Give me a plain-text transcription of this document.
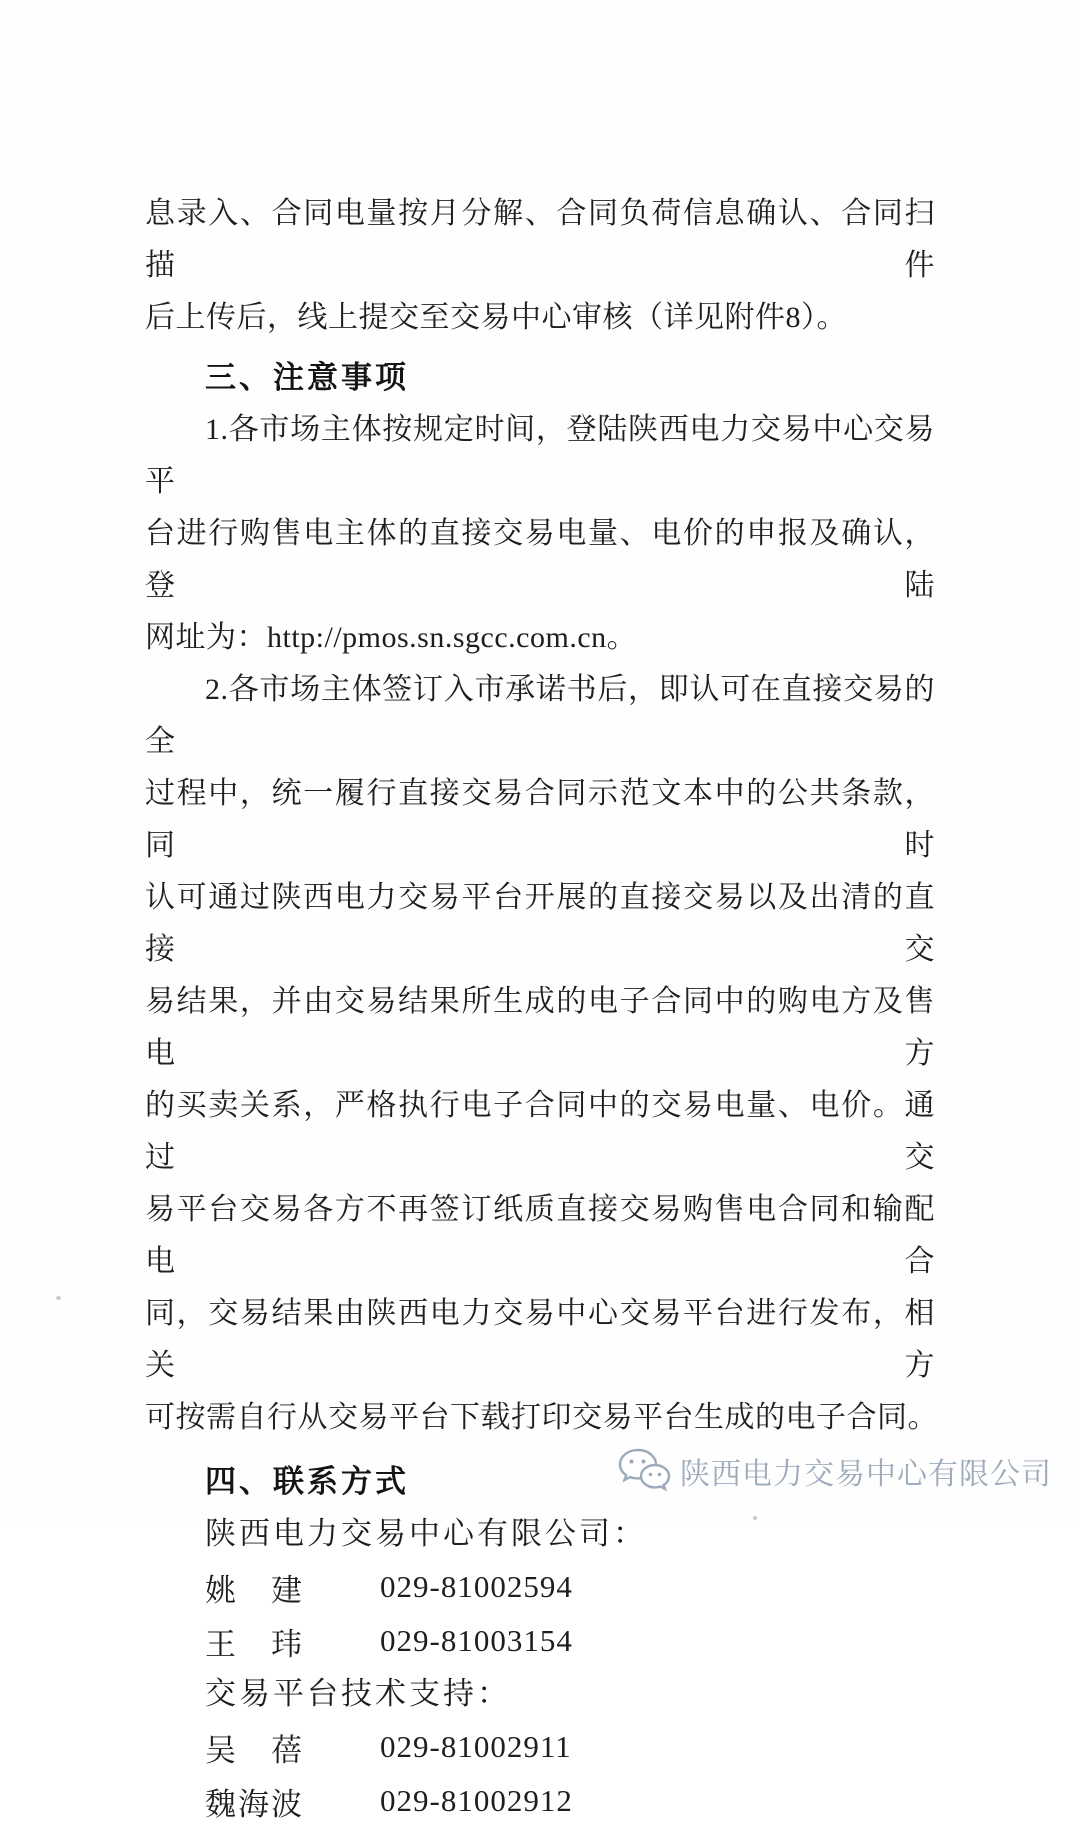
息录入、合同电量按月分解、合同负荷信息确认、合同扫描件
后上传后，线上提交至交易中心审核（详见附件8）。
三、注意事项
1.各市场主体按规定时间，登陆陕西电力交易中心交易平
台进行购售电主体的直接交易电量、电价的申报及确认，登陆
网址为：http://pmos.sn.sgcc.com.cn。
2.各市场主体签订入市承诺书后，即认可在直接交易的全
过程中，统一履行直接交易合同示范文本中的公共条款，同时
认可通过陕西电力交易平台开展的直接交易以及出清的直接交
易结果，并由交易结果所生成的电子合同中的购电方及售电方
的买卖关系，严格执行电子合同中的交易电量、电价。通过交
易平台交易各方不再签订纸质直接交易购售电合同和输配电合
同，交易结果由陕西电力交易中心交易平台进行发布，相关方
可按需自行从交易平台下载打印交易平台生成的电子合同。
四、联系方式
陕西电力交易中心有限公司：
姚　建	029-81002594
王　玮	029-81003154
交易平台技术支持：
吴　蓓	029-81002911
魏海波	029-81002912
陕西电力交易中心有限公司
